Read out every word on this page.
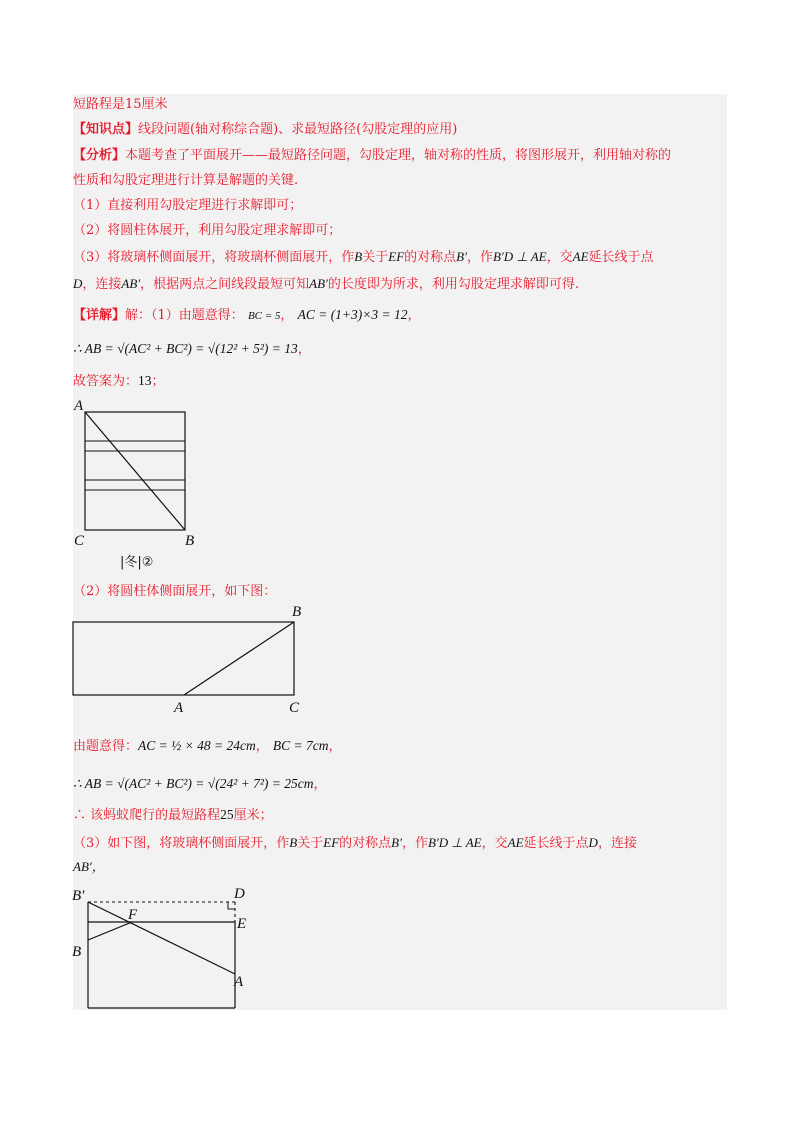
短路程是15厘米
【知识点】线段问题(轴对称综合题)、求最短路径(勾股定理的应用)
【分析】本题考查了平面展开——最短路径问题，勾股定理，轴对称的性质，将图形展开，利用轴对称的
性质和勾股定理进行计算是解题的关键.
（1）直接利用勾股定理进行求解即可；
（2）将圆柱体展开，利用勾股定理求解即可；
（3）将玻璃杯侧面展开，将玻璃杯侧面展开，作B关于EF的对称点B′，作B′D ⊥ AE，交AE延长线于点
D，连接AB′，根据两点之间线段最短可知AB′的长度即为所求，利用勾股定理求解即可得.
【详解】解：（1）由题意得： BC = 5， AC = (1+3)×3 = 12，
∴ AB = √(AC² + BC²) = √(12² + 5²) = 13，
故答案为：13；
A
C	B
|冬|②
（2）将圆柱体侧面展开，如下图：
B
A	C
由题意得：AC = ½ × 48 = 24cm， BC = 7cm，
∴ AB = √(AC² + BC²) = √(24² + 7²) = 25cm，
∴ 该蚂蚁爬行的最短路程25厘米；
（3）如下图，将玻璃杯侧面展开，作B关于EF的对称点B′，作B′D ⊥ AE，交AE延长线于点D，连接
AB′，
B′	D
F
E
B
A
